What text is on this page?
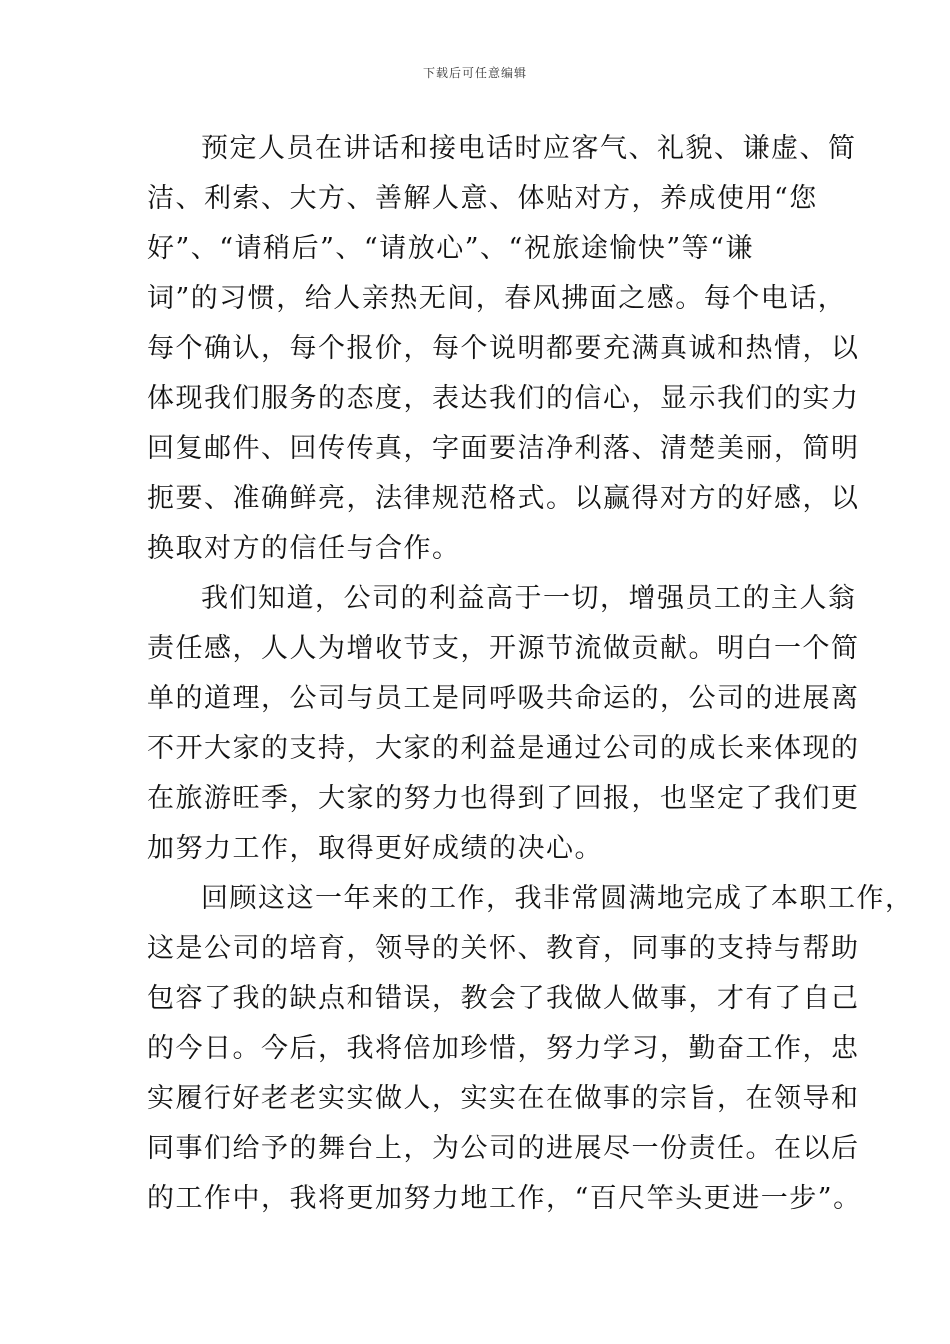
下载后可任意编辑
预定人员在讲话和接电话时应客气、礼貌、谦虚、简
洁、利索、大方、善解人意、体贴对方，养成使用“您
好”、“请稍后”、“请放心”、“祝旅途愉快”等“谦
词”的习惯，给人亲热无间，春风拂面之感。每个电话，
每个确认，每个报价，每个说明都要充满真诚和热情，以
体现我们服务的态度，表达我们的信心，显示我们的实力
回复邮件、回传传真，字面要洁净利落、清楚美丽，简明
扼要、准确鲜亮，法律规范格式。以赢得对方的好感，以
换取对方的信任与合作。
我们知道，公司的利益高于一切，增强员工的主人翁
责任感，人人为增收节支，开源节流做贡献。明白一个简
单的道理，公司与员工是同呼吸共命运的，公司的进展离
不开大家的支持，大家的利益是通过公司的成长来体现的
在旅游旺季，大家的努力也得到了回报，也坚定了我们更
加努力工作，取得更好成绩的决心。
回顾这这一年来的工作，我非常圆满地完成了本职工作，
这是公司的培育，领导的关怀、教育，同事的支持与帮助
包容了我的缺点和错误，教会了我做人做事，才有了自己
的今日。今后，我将倍加珍惜，努力学习，勤奋工作，忠
实履行好老老实实做人，实实在在做事的宗旨，在领导和
同事们给予的舞台上，为公司的进展尽一份责任。在以后
的工作中，我将更加努力地工作，“百尺竿头更进一步”。
